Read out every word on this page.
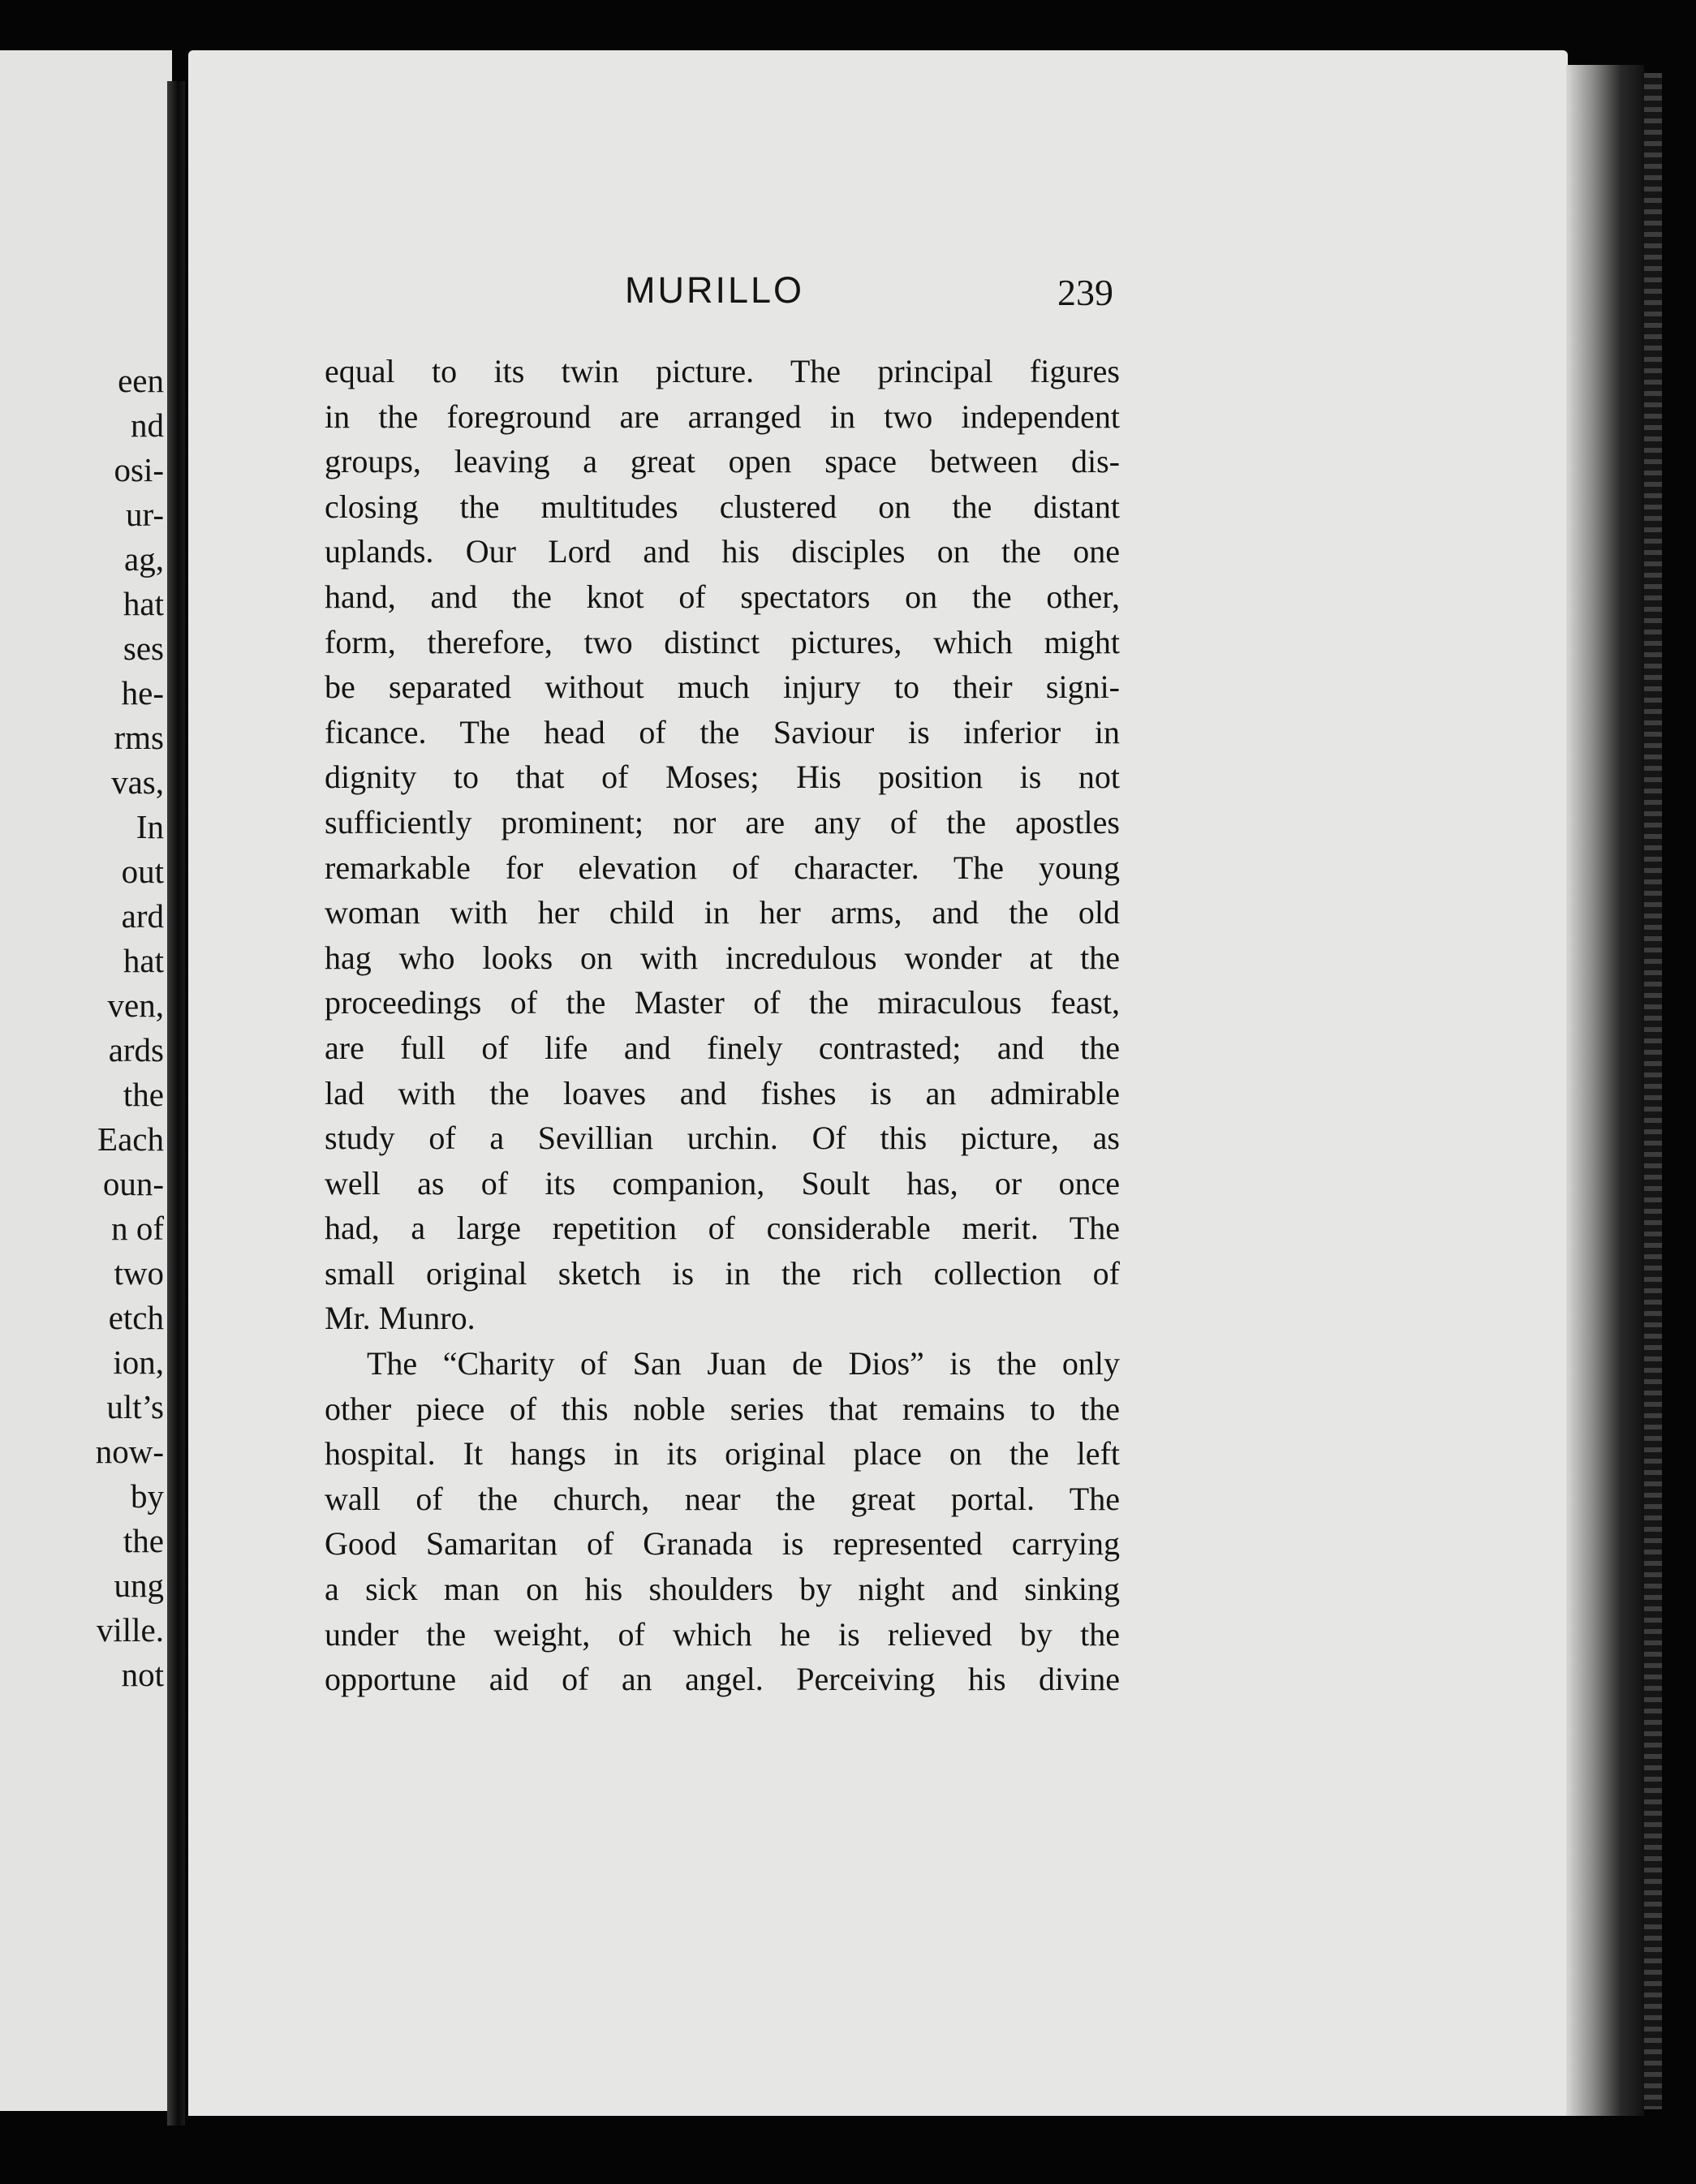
een
nd
osi-
ur-
ag,
hat
ses
he-
rms
vas,
In
out
ard
hat
ven,
ards
the
Each
oun-
n of
two
etch
ion,
ult’s
now-
by
the
ung
ville.
not
MURILLO	239
equal to its twin picture. The principal figures
in the foreground are arranged in two independent
groups, leaving a great open space between dis-
closing the multitudes clustered on the distant
uplands. Our Lord and his disciples on the one
hand, and the knot of spectators on the other,
form, therefore, two distinct pictures, which might
be separated without much injury to their signi-
ficance. The head of the Saviour is inferior in
dignity to that of Moses; His position is not
sufficiently prominent; nor are any of the apostles
remarkable for elevation of character. The young
woman with her child in her arms, and the old
hag who looks on with incredulous wonder at the
proceedings of the Master of the miraculous feast,
are full of life and finely contrasted; and the
lad with the loaves and fishes is an admirable
study of a Sevillian urchin. Of this picture, as
well as of its companion, Soult has, or once
had, a large repetition of considerable merit. The
small original sketch is in the rich collection of
Mr. Munro.
The “Charity of San Juan de Dios” is the only
other piece of this noble series that remains to the
hospital. It hangs in its original place on the left
wall of the church, near the great portal. The
Good Samaritan of Granada is represented carrying
a sick man on his shoulders by night and sinking
under the weight, of which he is relieved by the
opportune aid of an angel. Perceiving his divine
